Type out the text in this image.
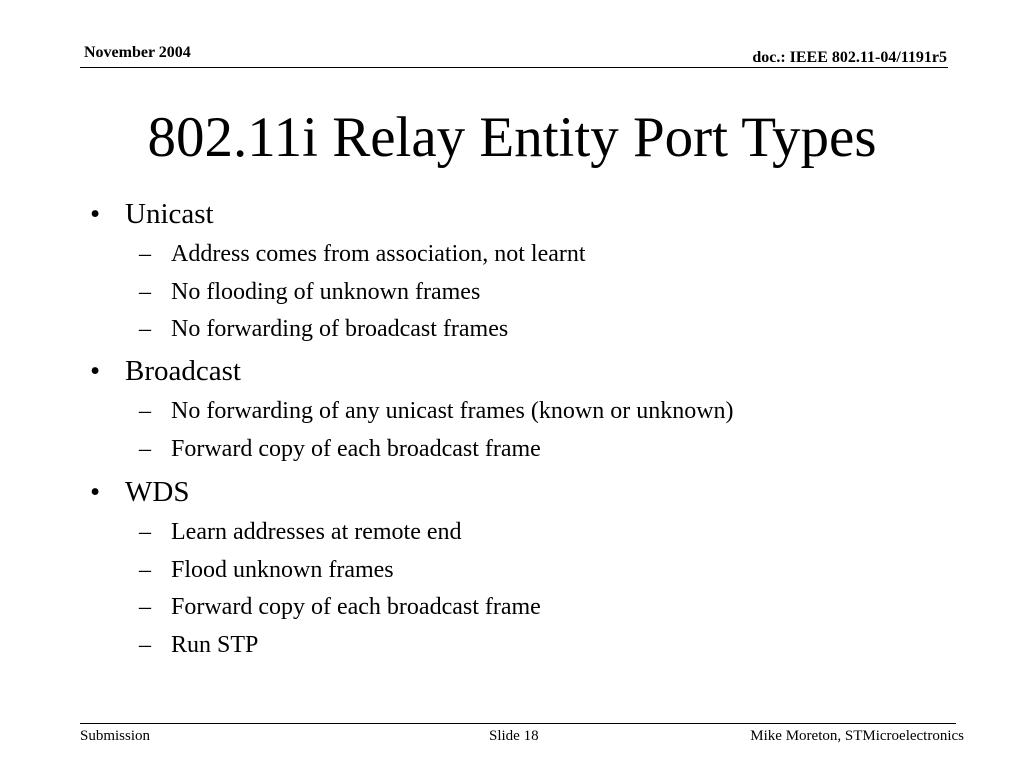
November 2004	doc.: IEEE 802.11-04/1191r5
802.11i Relay Entity Port Types
• Unicast
– Address comes from association, not learnt
– No flooding of unknown frames
– No forwarding of broadcast frames
• Broadcast
– No forwarding of any unicast frames (known or unknown)
– Forward copy of each broadcast frame
• WDS
– Learn addresses at remote end
– Flood unknown frames
– Forward copy of each broadcast frame
– Run STP
Submission	Slide 18	Mike Moreton, STMicroelectronics
